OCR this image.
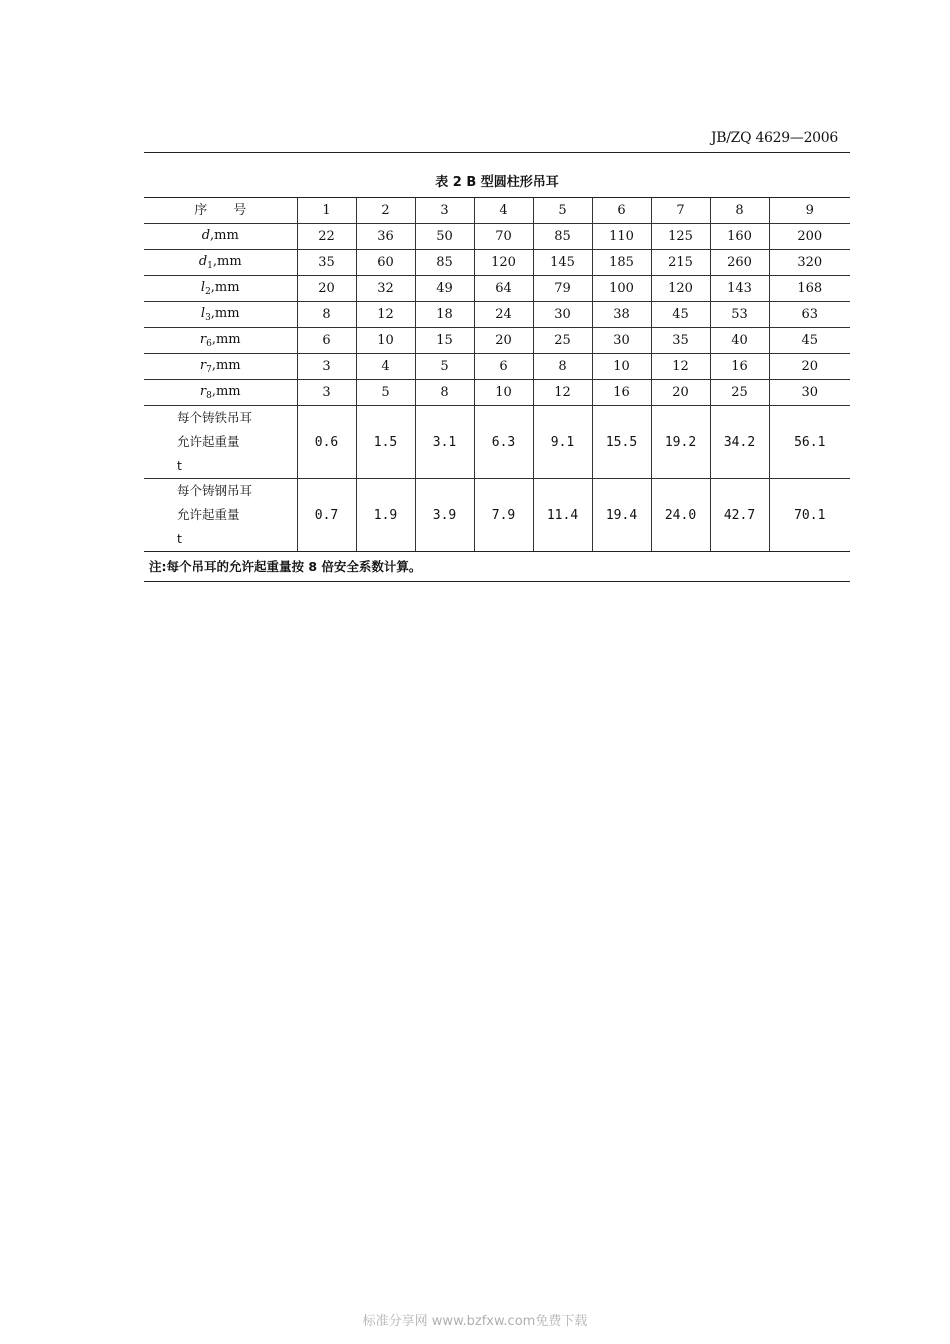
JB/ZQ 4629—2006
表 2 B 型圆柱形吊耳
序号	1	2	3	4	5	6	7	8	9
d,mm	22	36	50	70	85	110	125	160	200
$d_1,mm$	35	60	85	120	145	185	215	260	320
$l_2,mm$	20	32	49	64	79	100	120	143	168
$l_3,mm$	8	12	18	24	30	38	45	53	63
$r_6,mm$	6	10	15	20	25	30	35	40	45
$r_7,mm$	3	4	5	6	8	10	12	16	20
$r_8,mm$	3	5	8	10	12	16	20	25	30

每个铸铁吊耳
允许起重量
t	0.6	1.5	3.1	6.3	9.1	15.5	19.2	34.2	56.1

每个铸钢吊耳
允许起重量
t	0.7	1.9	3.9	7.9	11.4	19.4	24.0	42.7	70.1
注:每个吊耳的允许起重量按 8 倍安全系数计算。
标准分享网 www.bzfxw.com免费下载
